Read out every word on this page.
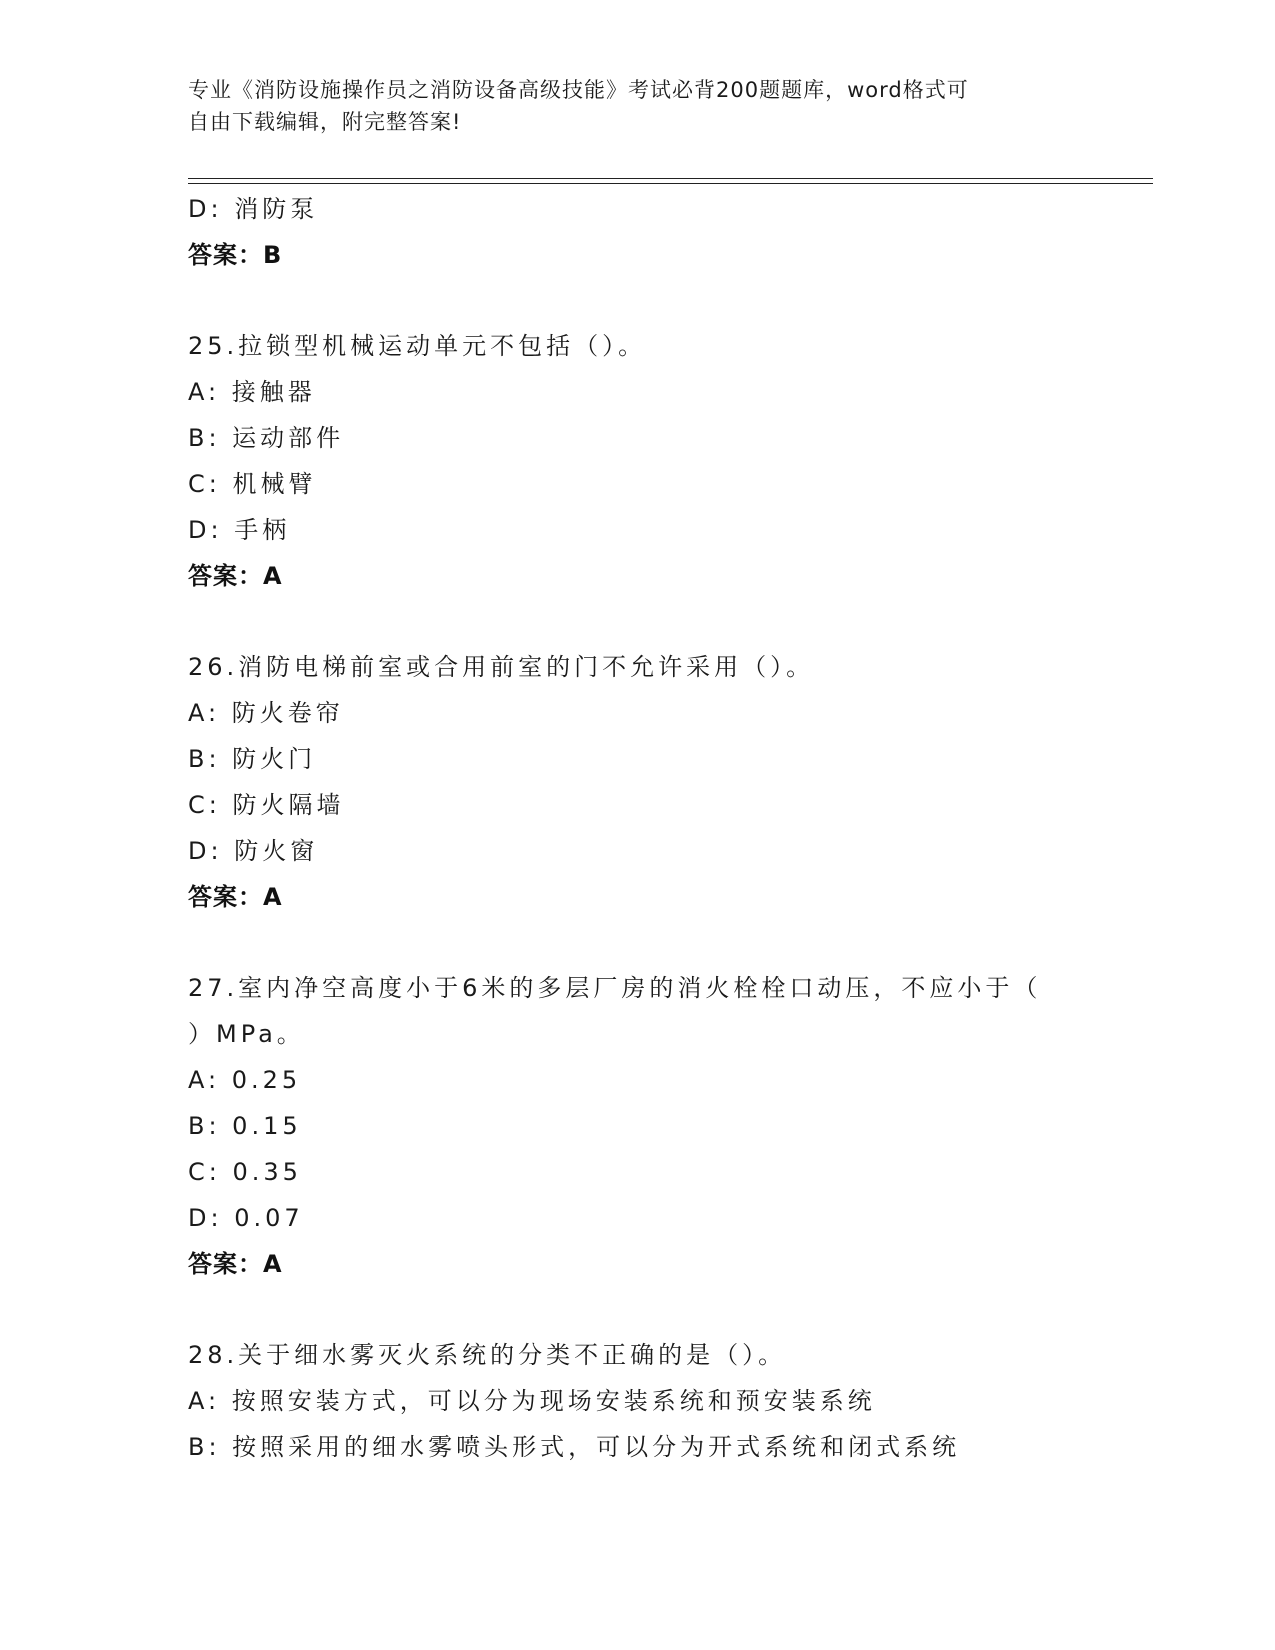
专业《消防设施操作员之消防设备高级技能》考试必背200题题库，word格式可
自由下载编辑，附完整答案!
D: 消防泵
答案：B
25.拉锁型机械运动单元不包括（）。
A: 接触器
B: 运动部件
C: 机械臂
D: 手柄
答案：A
26.消防电梯前室或合用前室的门不允许采用（）。
A: 防火卷帘
B: 防火门
C: 防火隔墙
D: 防火窗
答案：A
27.室内净空高度小于6米的多层厂房的消火栓栓口动压，不应小于（
）MPa。
A: 0.25
B: 0.15
C: 0.35
D: 0.07
答案：A
28.关于细水雾灭火系统的分类不正确的是（）。
A: 按照安装方式，可以分为现场安装系统和预安装系统
B: 按照采用的细水雾喷头形式，可以分为开式系统和闭式系统
